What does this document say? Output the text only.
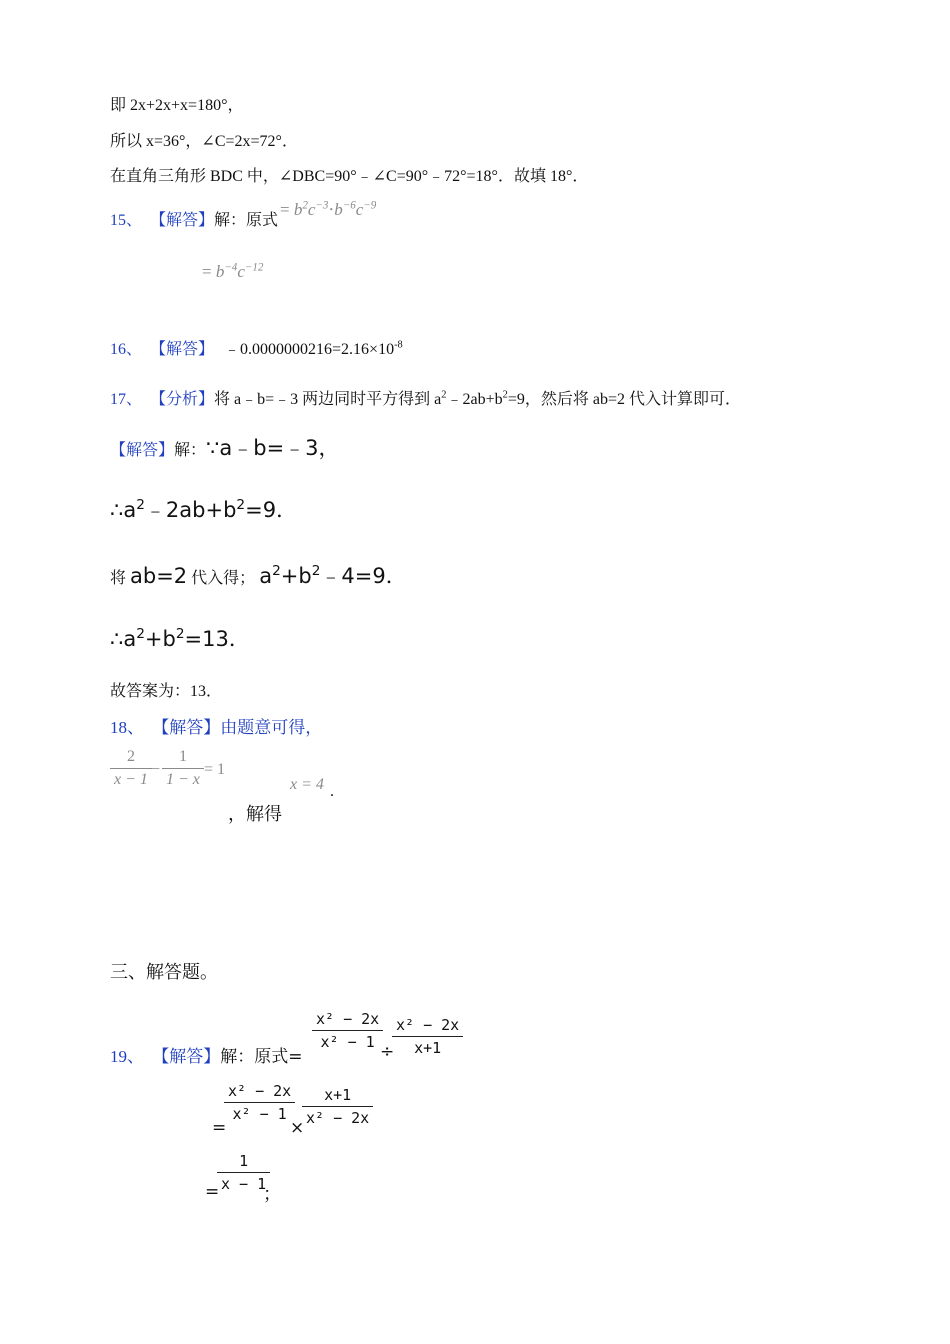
即 2x+2x+x=180°，
所以 x=36°，∠C=2x=72°．
在直角三角形 BDC 中，∠DBC=90°﹣∠C=90°﹣72°=18°．故填 18°．
15、 【解答】解：原式
= $b^2c^{-3}\cdot b^{-6}c^{-9}$
= $b^{-4}c^{-12}$
16、 【解答】 $﹣0.0000000216=2.16\times 10^{-8}$
17、 【分析】将 a﹣b=﹣3 两边同时平方得到 $a^2﹣2ab+b^2=9$，然后将 ab=2 代入计算即可．
【解答】解：∵a﹣b=﹣3，
$\therefore a^2﹣2ab+b^2=9$．
将 ab=2 代入得； $a^2+b^2﹣4=9$．
$\therefore a^2+b^2=13$．
故答案为：13．
18、 【解答】由题意可得，
$\frac{2}{x - 1} - \frac{1}{1 - x} = 1$
x = 4 .
，解得
三、解答题。
19、 【解答】解：原式=
$\frac{\text{x² − 2x}}{\text{x² − 1}}$
÷
$\frac{\text{x² − 2x}}{x+1}$
=
$\frac{\text{x² − 2x}}{\text{x² − 1}}$
×
$\frac{x+1}{\text{x² − 2x}}$
=
$\frac{1}{x - 1}$
；
